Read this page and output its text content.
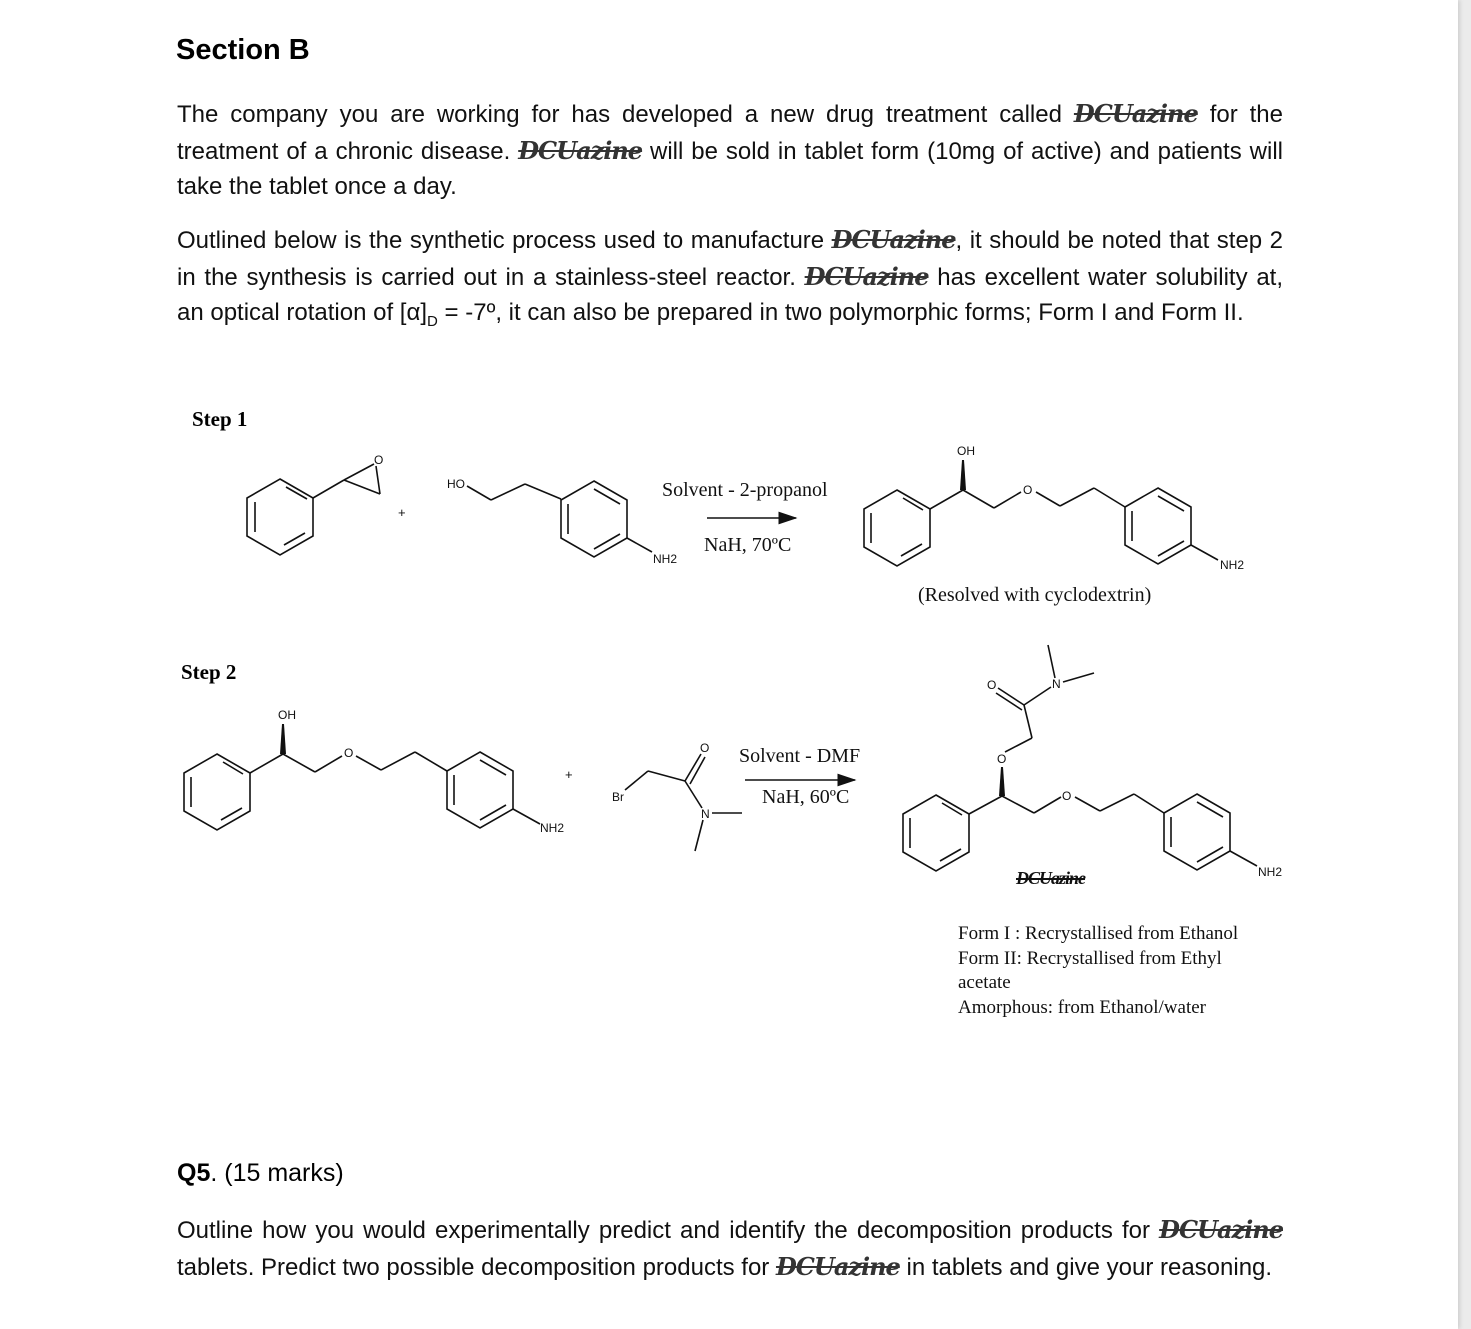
Section B

The company you are working for has developed a new drug treatment called DCUazine for the treatment of a chronic disease. DCUazine will be sold in tablet form (10mg of active) and patients will take the tablet once a day.

Outlined below is the synthetic process used to manufacture DCUazine, it should be noted that step 2 in the synthesis is carried out in a stainless-steel reactor. DCUazine has excellent water solubility at, an optical rotation of $[\alpha]_D$ = -7º, it can also be prepared in two polymorphic forms; Form I and Form II.

Step 1
Step 2
O
HO
NH2
OH
O
NH2
OH
O
NH2
Br
O
N
O	N
O
O
NH2
+
+
Solvent - 2-propanol
NaH, 70ºC
(Resolved with cyclodextrin)
Solvent - DMF
NaH, 60ºC
DCUazine
Form I : Recrystallised from Ethanol
Form II: Recrystallised from Ethyl acetate
Amorphous: from Ethanol/water
Q5. (15 marks)

Outline how you would experimentally predict and identify the decomposition products for DCUazine tablets. Predict two possible decomposition products for DCUazine in tablets and give your reasoning.
